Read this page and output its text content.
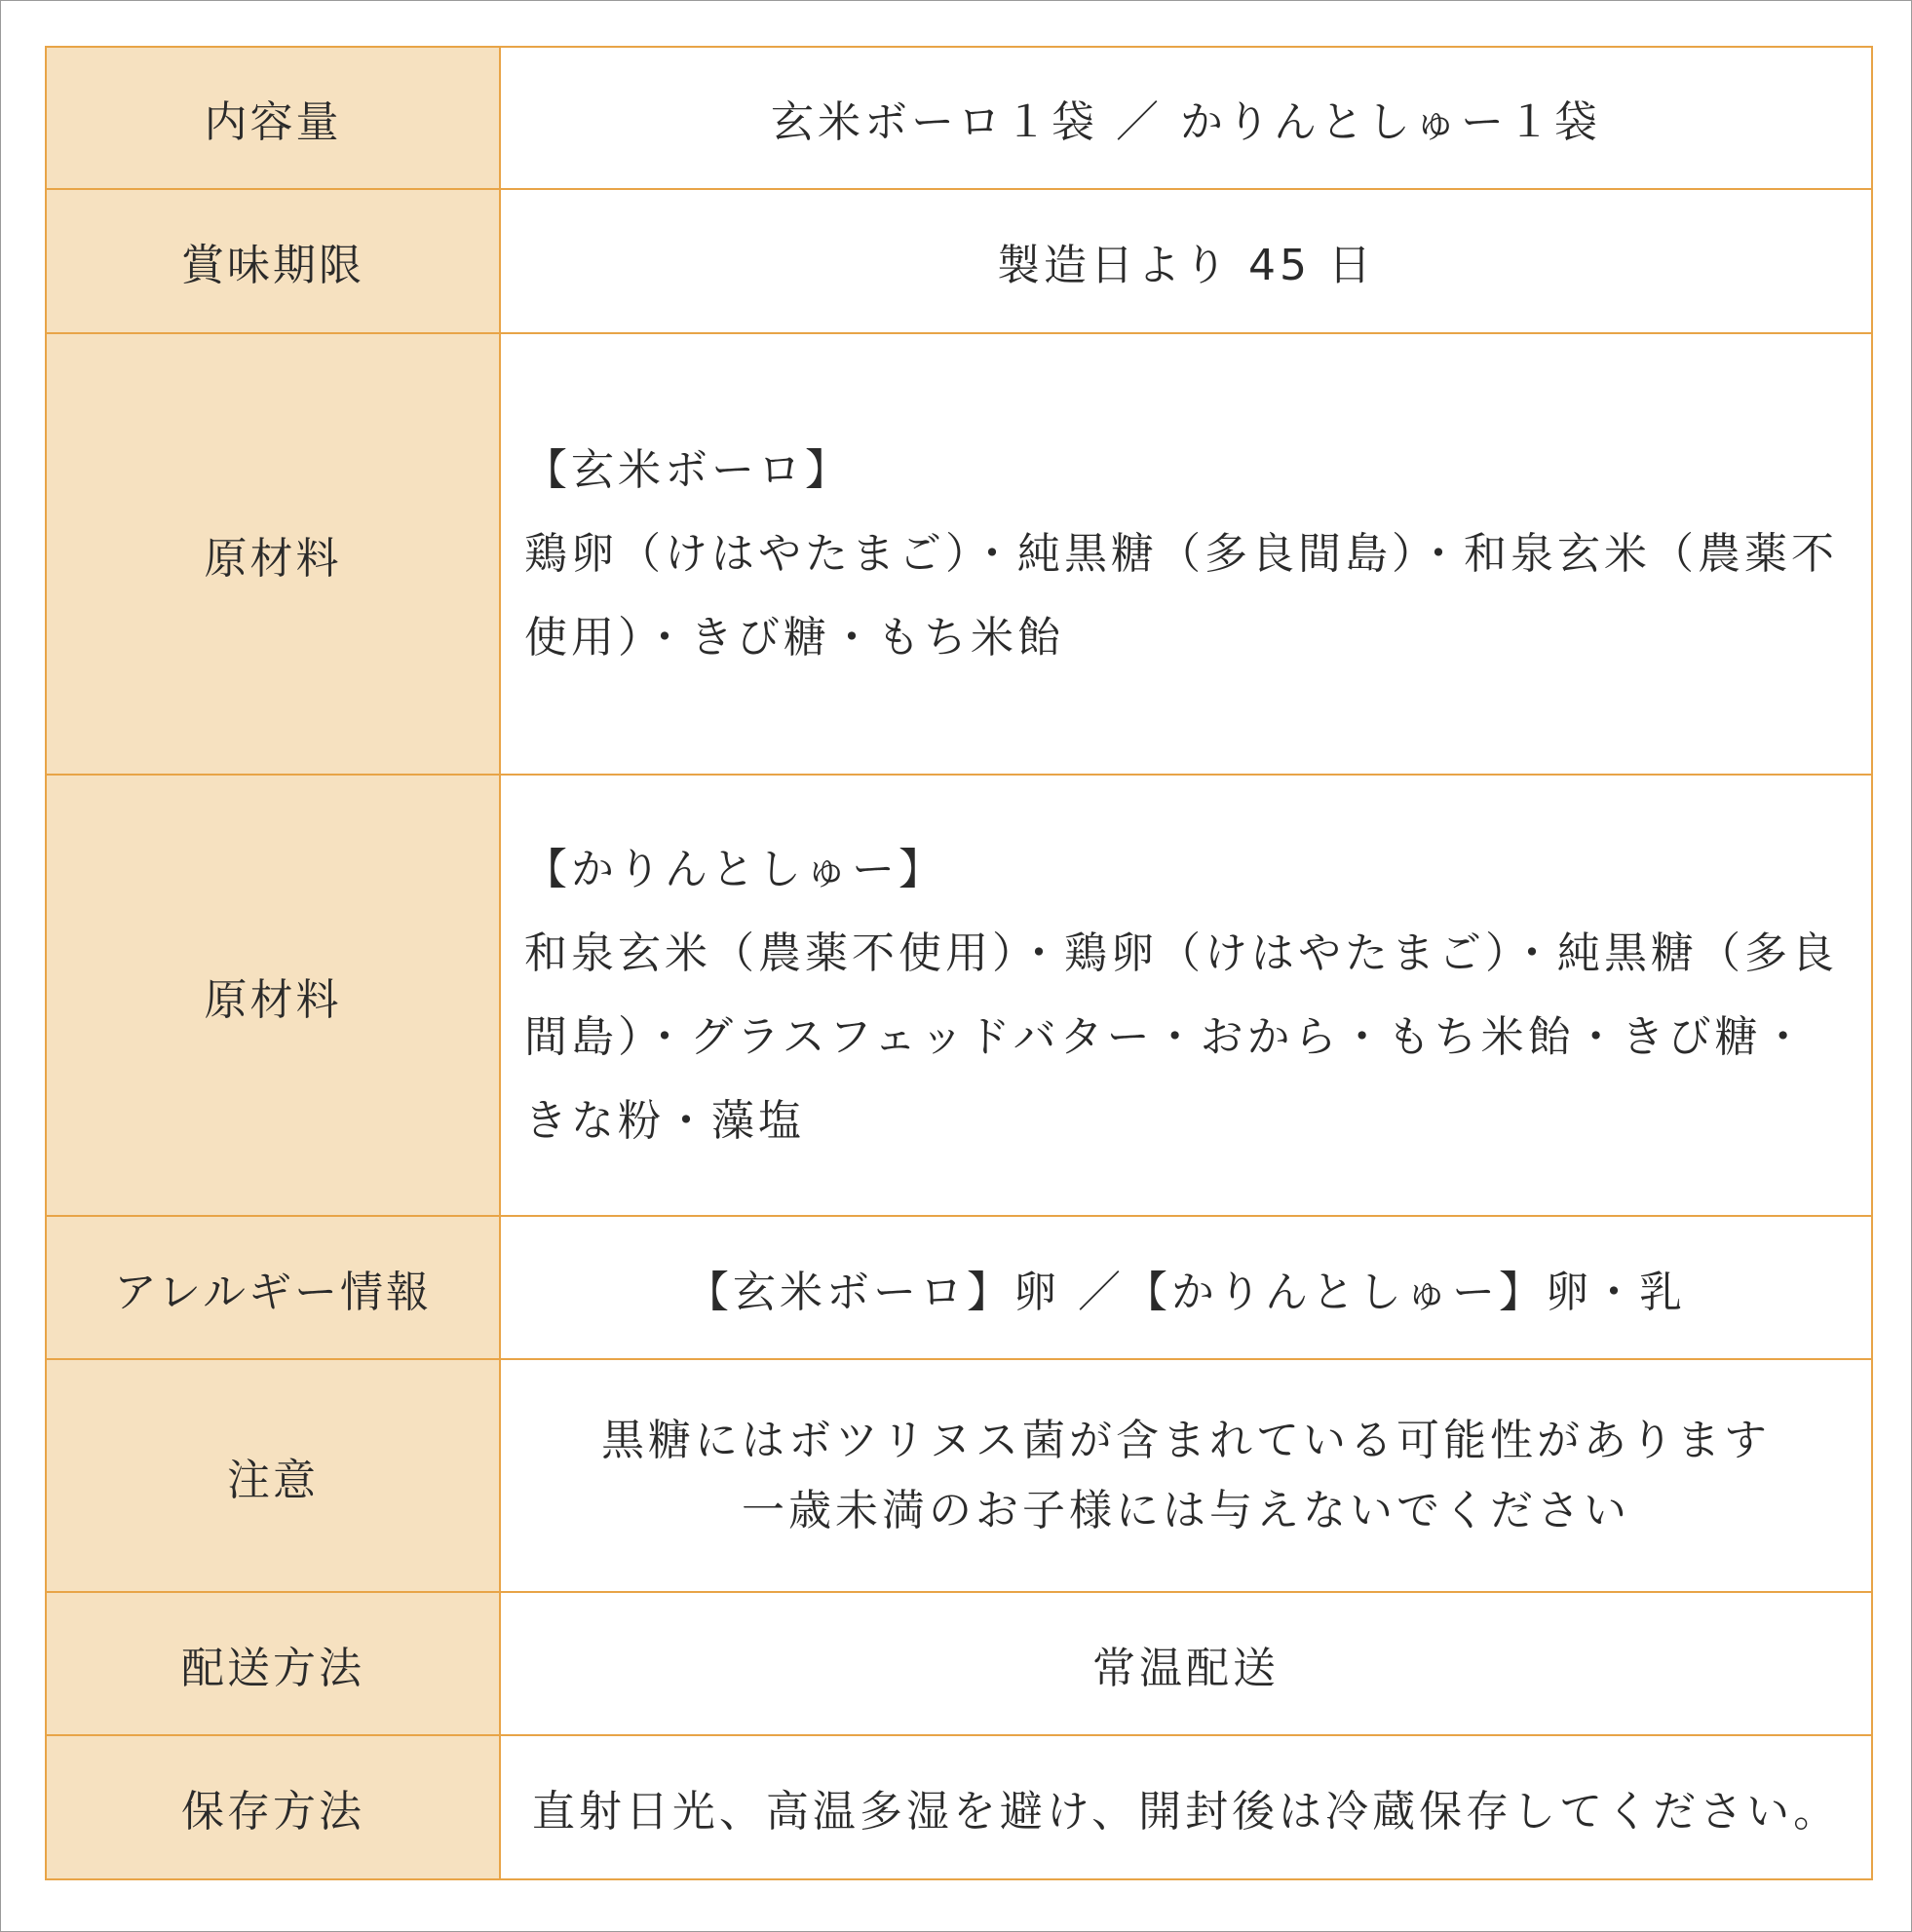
内容量	玄米ボーロ１袋 ／ かりんとしゅー１袋
賞味期限	製造日より 45 日
原材料	【玄米ボーロ】
鶏卵（けはやたまご）・純黒糖（多良間島）・和泉玄米（農薬不使用）・きび糖・もち米飴

原材料	【かりんとしゅー】
和泉玄米（農薬不使用）・鶏卵（けはやたまご）・純黒糖（多良間島）・グラスフェッドバター・おから・もち米飴・きび糖・きな粉・藻塩

アレルギー情報	【玄米ボーロ】卵 ／【かりんとしゅー】卵・乳
注意	黒糖にはボツリヌス菌が含まれている可能性があります
一歳未満のお子様には与えないでください

配送方法	常温配送
保存方法	直射日光、高温多湿を避け、開封後は冷蔵保存してください。
